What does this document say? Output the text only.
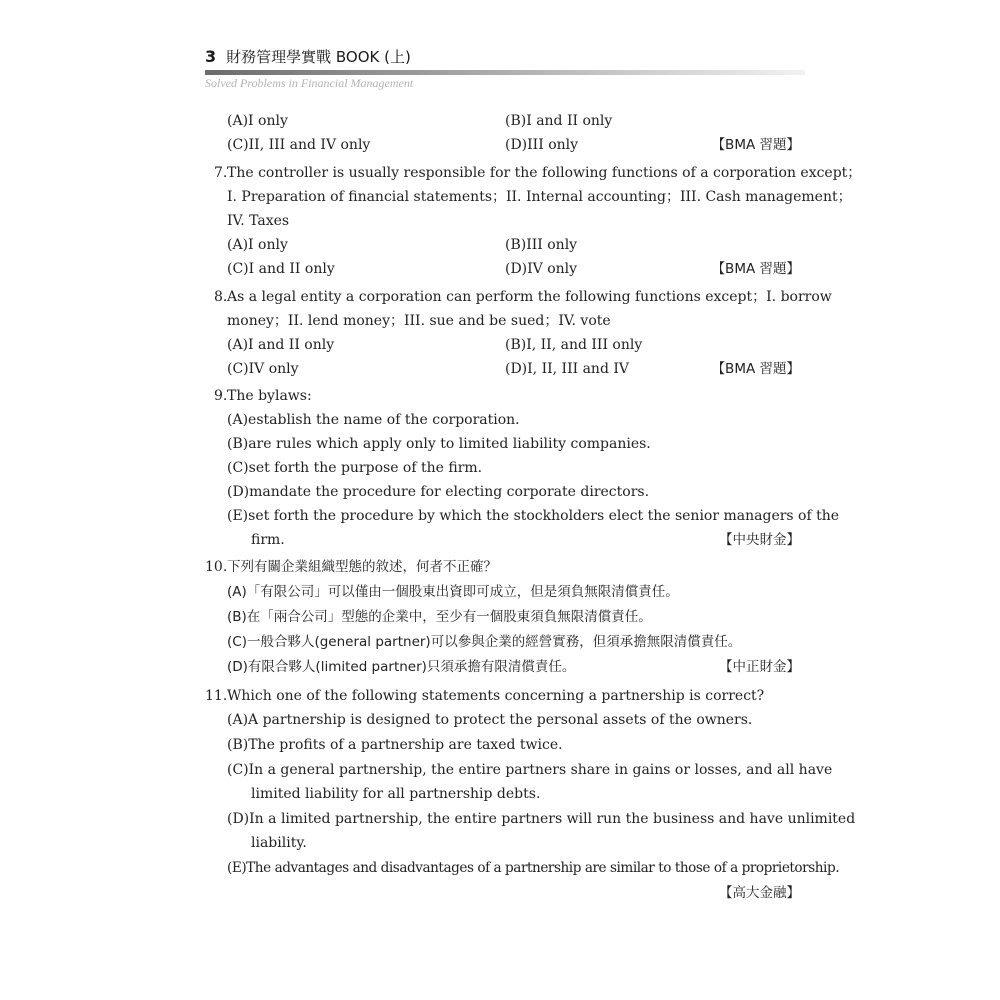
3 財務管理學實戰 BOOK (上)
Solved Problems in Financial Management
(A)I only	(B)I and II only
(C)II, III and IV only	(D)III only	【BMA 習題】
7. The controller is usually responsible for the following functions of a corporation except；
I. Preparation of financial statements；II. Internal accounting；III. Cash management；
IV. Taxes
(A)I only	(B)III only
(C)I and II only	(D)IV only	【BMA 習題】
8. As a legal entity a corporation can perform the following functions except；I. borrow
money；II. lend money；III. sue and be sued；IV. vote
(A)I and II only	(B)I, II, and III only
(C)IV only	(D)I, II, III and IV	【BMA 習題】
9. The bylaws:
(A)establish the name of the corporation.
(B)are rules which apply only to limited liability companies.
(C)set forth the purpose of the firm.
(D)mandate the procedure for electing corporate directors.
(E)set forth the procedure by which the stockholders elect the senior managers of the
firm.	【中央財金】
10. 下列有關企業組織型態的敘述，何者不正確？
(A)「有限公司」可以僅由一個股東出資即可成立，但是須負無限清償責任。
(B)在「兩合公司」型態的企業中，至少有一個股東須負無限清償責任。
(C)一般合夥人(general partner)可以參與企業的經營實務，但須承擔無限清償責任。
(D)有限合夥人(limited partner)只須承擔有限清償責任。	【中正財金】
11. Which one of the following statements concerning a partnership is correct?
(A)A partnership is designed to protect the personal assets of the owners.
(B)The profits of a partnership are taxed twice.
(C)In a general partnership, the entire partners share in gains or losses, and all have
limited liability for all partnership debts.
(D)In a limited partnership, the entire partners will run the business and have unlimited
liability.
(E)The advantages and disadvantages of a partnership are similar to those of a proprietorship.
【高大金融】
